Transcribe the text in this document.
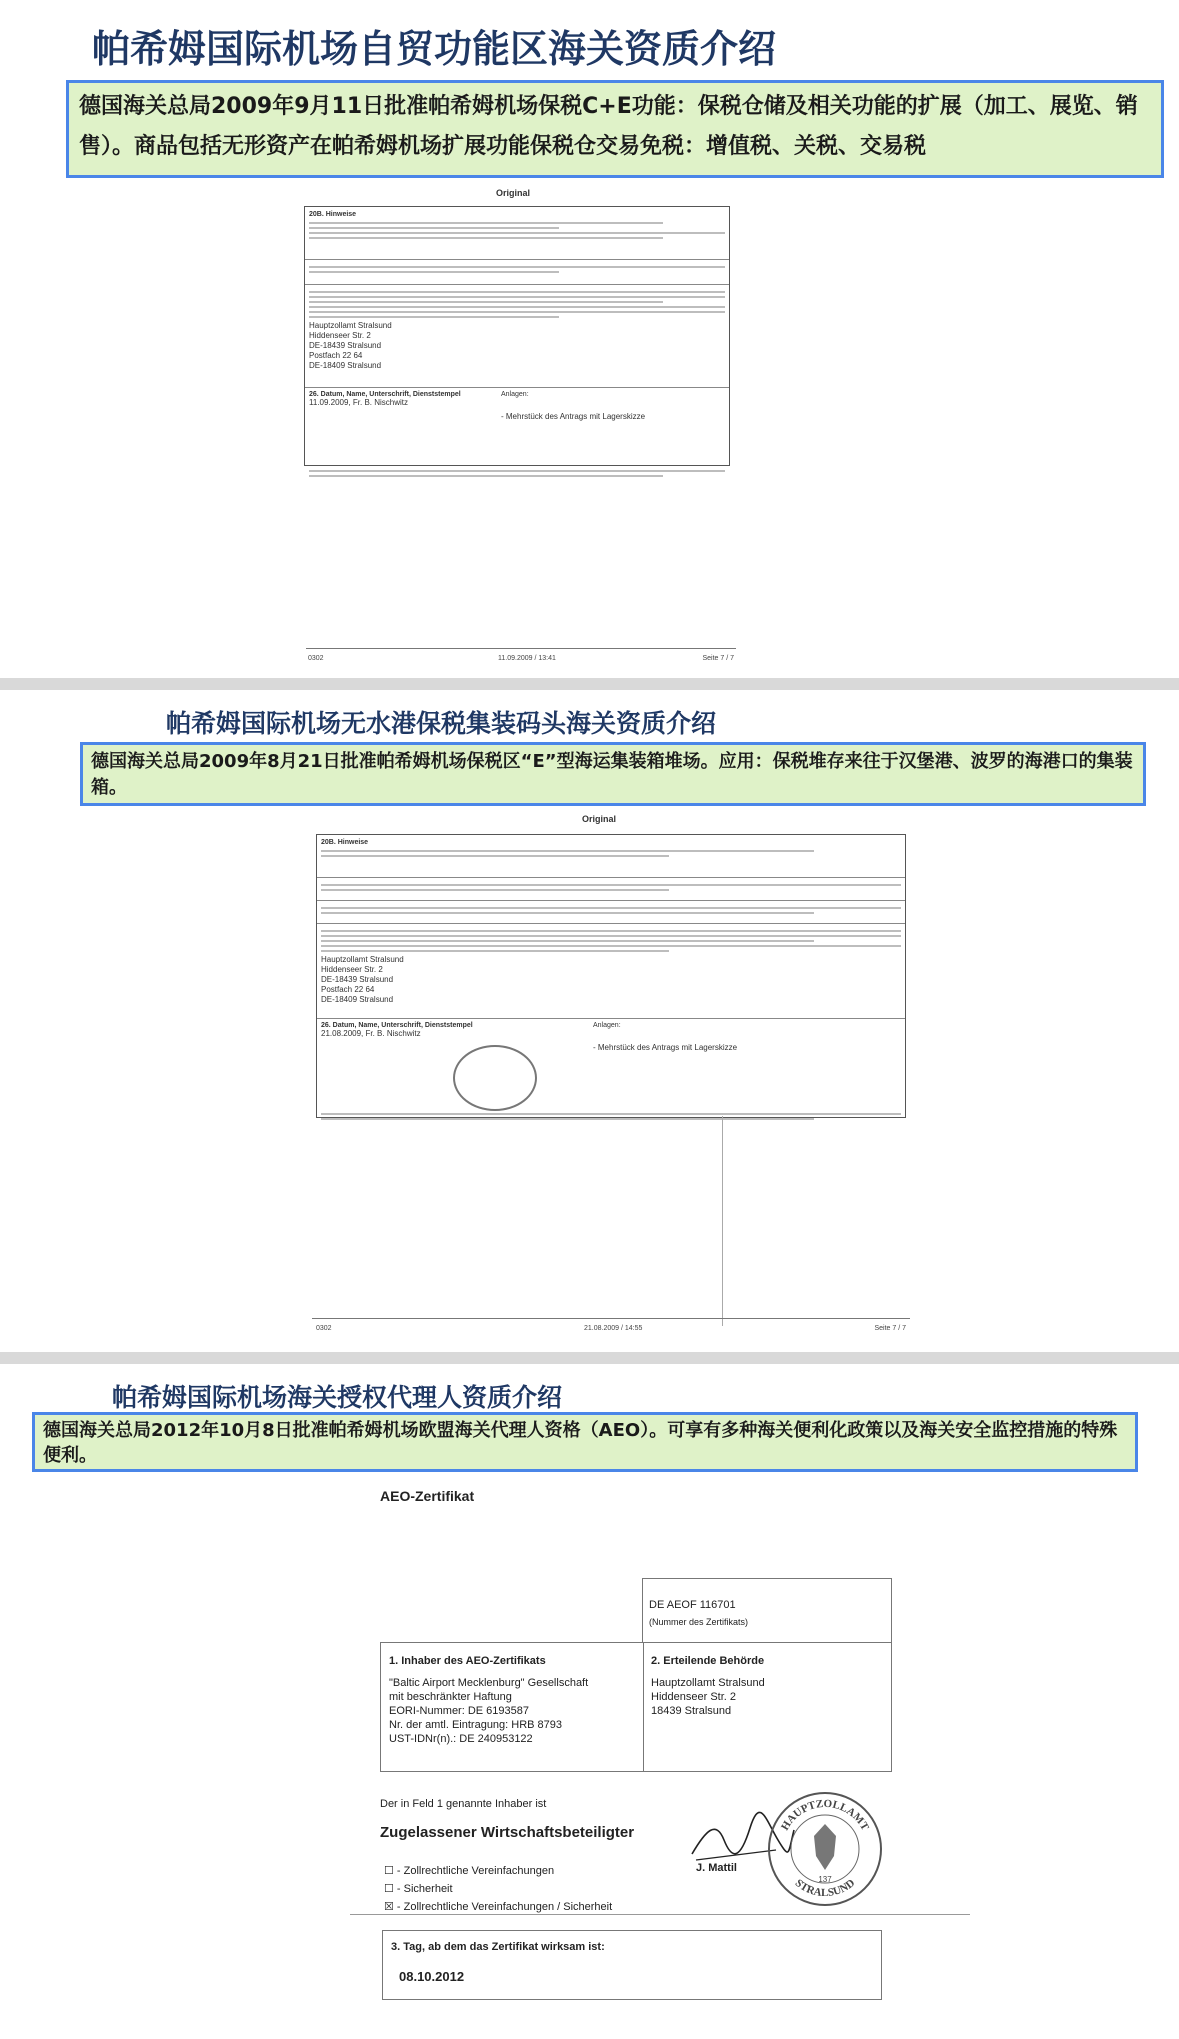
帕希姆国际机场自贸功能区海关资质介绍
德国海关总局2009年9月11日批准帕希姆机场保税C+E功能：保税仓储及相关功能的扩展（加工、展览、销售）。商品包括无形资产在帕希姆机场扩展功能保税仓交易免税：增值税、关税、交易税
Original
20B. Hinweise
Hauptzollamt Stralsund
Hiddenseer Str. 2
DE-18439 Stralsund
Postfach 22 64
DE-18409 Stralsund
26. Datum, Name, Unterschrift, Dienststempel
11.09.2009, Fr. B. Nischwitz
Anlagen:
- Mehrstück des Antrags mit Lagerskizze
0302	11.09.2009 / 13:41	Seite 7 / 7
帕希姆国际机场无水港保税集装码头海关资质介绍
德国海关总局2009年8月21日批准帕希姆机场保税区“E”型海运集装箱堆场。应用：保税堆存来往于汉堡港、波罗的海港口的集装箱。
Original
20B. Hinweise
Hauptzollamt Stralsund
Hiddenseer Str. 2
DE-18439 Stralsund
Postfach 22 64
DE-18409 Stralsund
26. Datum, Name, Unterschrift, Dienststempel
21.08.2009, Fr. B. Nischwitz
Anlagen:
- Mehrstück des Antrags mit Lagerskizze
0302	21.08.2009 / 14:55	Seite 7 / 7
帕希姆国际机场海关授权代理人资质介绍
德国海关总局2012年10月8日批准帕希姆机场欧盟海关代理人资格（AEO）。可享有多种海关便利化政策以及海关安全监控措施的特殊便利。
AEO-Zertifikat
DE AEOF 116701
(Nummer des Zertifikats)
1. Inhaber des AEO-Zertifikats
"Baltic Airport Mecklenburg" Gesellschaft
mit beschränkter Haftung
EORI-Nummer: DE 6193587
Nr. der amtl. Eintragung: HRB 8793
UST-IDNr(n).: DE 240953122
2. Erteilende Behörde
Hauptzollamt Stralsund
Hiddenseer Str. 2
18439 Stralsund
Der in Feld 1 genannte Inhaber ist
Zugelassener Wirtschaftsbeteiligter
☐ - Zollrechtliche Vereinfachungen
☐ - Sicherheit
☒ - Zollrechtliche Vereinfachungen / Sicherheit
J. Mattil
HAUPTZOLLAMT
STRALSUND
137
3. Tag, ab dem das Zertifikat wirksam ist:
08.10.2012
